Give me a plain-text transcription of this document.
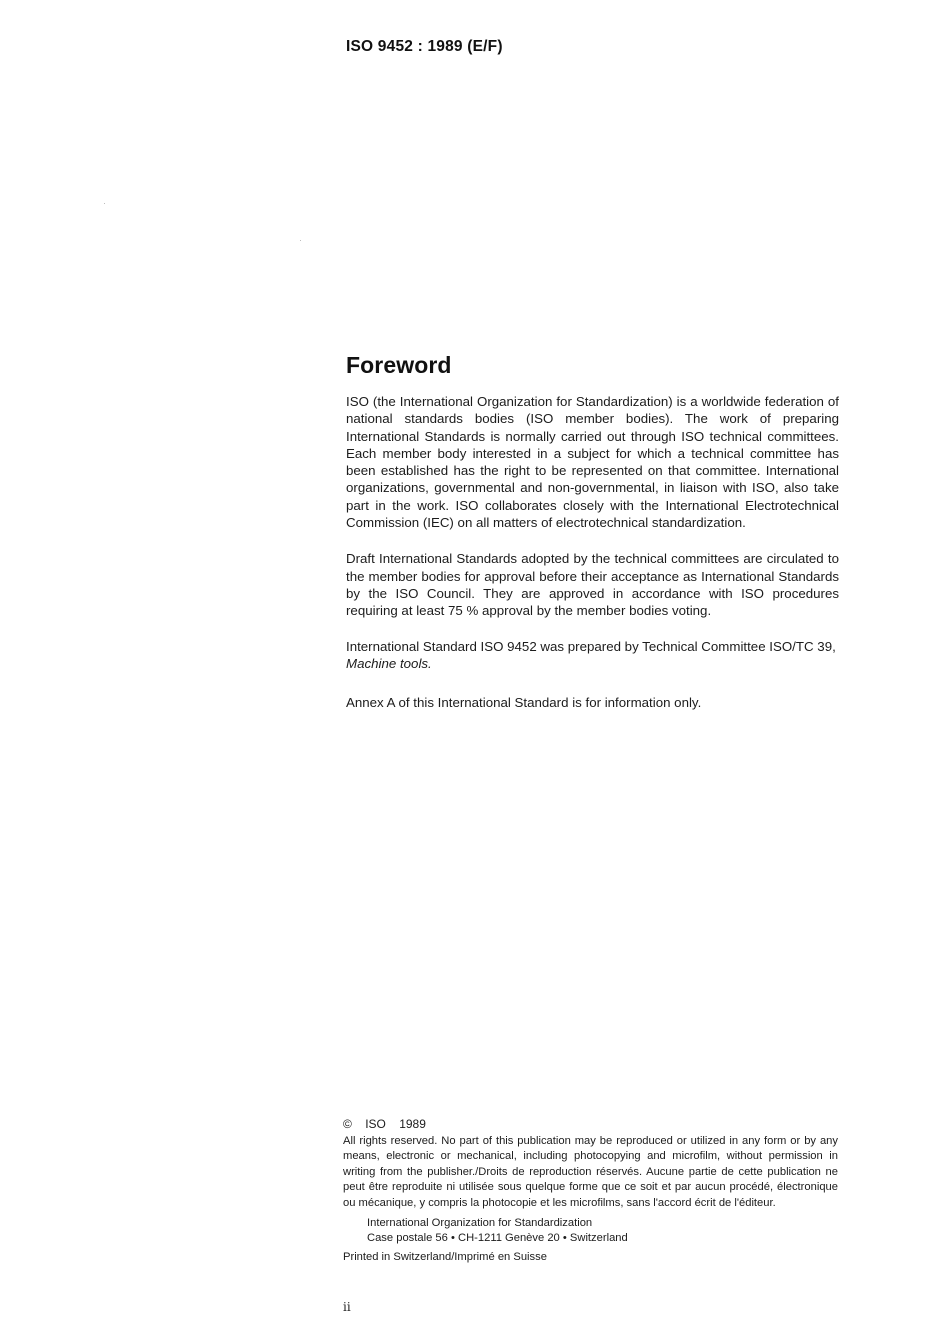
ISO 9452 : 1989 (E/F)
Foreword

ISO (the International Organization for Standardization) is a worldwide federation of national standards bodies (ISO member bodies). The work of preparing International Standards is normally carried out through ISO technical committees. Each member body interested in a subject for which a technical committee has been established has the right to be represented on that committee. International organizations, governmental and non-governmental, in liaison with ISO, also take part in the work. ISO collaborates closely with the International Electrotechnical Commission (IEC) on all matters of electrotechnical standardization.

Draft International Standards adopted by the technical committees are circulated to the member bodies for approval before their acceptance as International Standards by the ISO Council. They are approved in accordance with ISO procedures requiring at least 75 % approval by the member bodies voting.

International Standard ISO 9452 was prepared by Technical Committee ISO/TC 39,
Machine tools.

Annex A of this International Standard is for information only.

© ISO 1989

All rights reserved. No part of this publication may be reproduced or utilized in any form or by any means, electronic or mechanical, including photocopying and microfilm, without permission in writing from the publisher./Droits de reproduction réservés. Aucune partie de cette publication ne peut être reproduite ni utilisée sous quelque forme que ce soit et par aucun procédé, électronique ou mécanique, y compris la photocopie et les microfilms, sans l'accord écrit de l'éditeur.

International Organization for Standardization
Case postale 56 • CH-1211 Genève 20 • Switzerland
Printed in Switzerland/Imprimé en Suisse
ii
